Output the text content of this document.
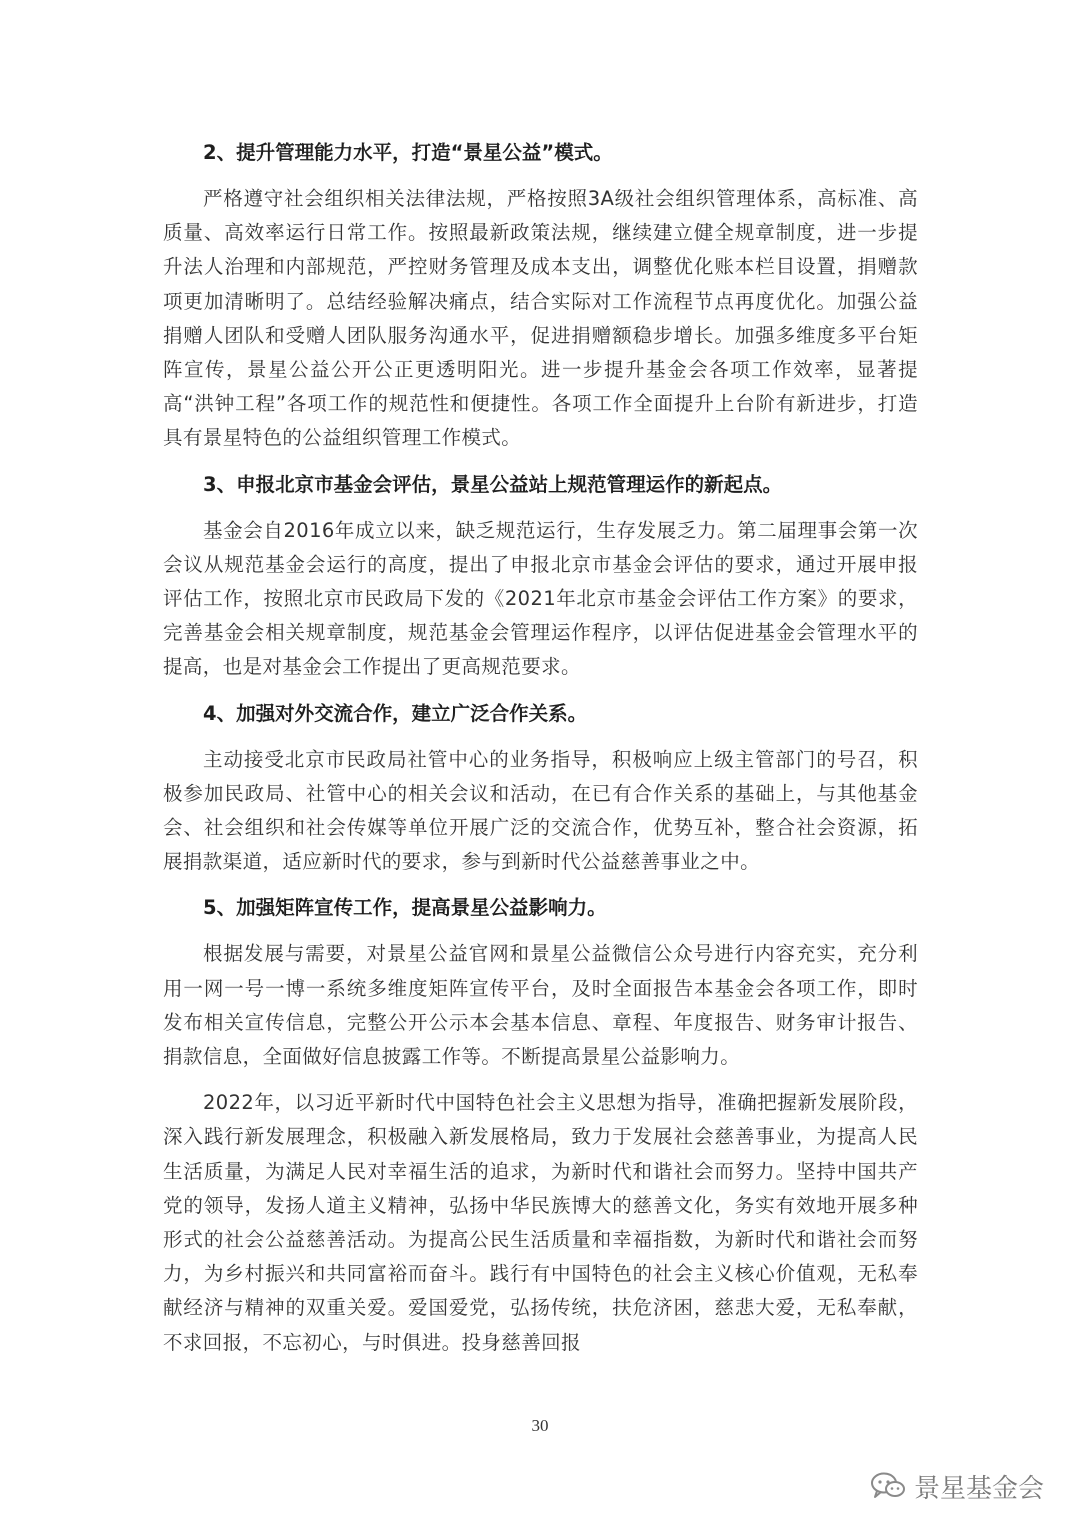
2、提升管理能力水平，打造“景星公益”模式。

严格遵守社会组织相关法律法规，严格按照3A级社会组织管理体系，高标准、高质量、高效率运行日常工作。按照最新政策法规，继续建立健全规章制度，进一步提升法人治理和内部规范，严控财务管理及成本支出，调整优化账本栏目设置，捐赠款项更加清晰明了。总结经验解决痛点，结合实际对工作流程节点再度优化。加强公益捐赠人团队和受赠人团队服务沟通水平，促进捐赠额稳步增长。加强多维度多平台矩阵宣传，景星公益公开公正更透明阳光。进一步提升基金会各项工作效率，显著提高“洪钟工程”各项工作的规范性和便捷性。各项工作全面提升上台阶有新进步，打造具有景星特色的公益组织管理工作模式。

3、申报北京市基金会评估，景星公益站上规范管理运作的新起点。

基金会自2016年成立以来，缺乏规范运行，生存发展乏力。第二届理事会第一次会议从规范基金会运行的高度，提出了申报北京市基金会评估的要求，通过开展申报评估工作，按照北京市民政局下发的《2021年北京市基金会评估工作方案》的要求，完善基金会相关规章制度，规范基金会管理运作程序，以评估促进基金会管理水平的提高，也是对基金会工作提出了更高规范要求。

4、加强对外交流合作，建立广泛合作关系。

主动接受北京市民政局社管中心的业务指导，积极响应上级主管部门的号召，积极参加民政局、社管中心的相关会议和活动，在已有合作关系的基础上，与其他基金会、社会组织和社会传媒等单位开展广泛的交流合作，优势互补，整合社会资源，拓展捐款渠道，适应新时代的要求，参与到新时代公益慈善事业之中。

5、加强矩阵宣传工作，提高景星公益影响力。

根据发展与需要，对景星公益官网和景星公益微信公众号进行内容充实，充分利用一网一号一博一系统多维度矩阵宣传平台，及时全面报告本基金会各项工作，即时发布相关宣传信息，完整公开公示本会基本信息、章程、年度报告、财务审计报告、捐款信息，全面做好信息披露工作等。不断提高景星公益影响力。

2022年，以习近平新时代中国特色社会主义思想为指导，准确把握新发展阶段，深入践行新发展理念，积极融入新发展格局，致力于发展社会慈善事业，为提高人民生活质量，为满足人民对幸福生活的追求，为新时代和谐社会而努力。坚持中国共产党的领导，发扬人道主义精神，弘扬中华民族博大的慈善文化，务实有效地开展多种形式的社会公益慈善活动。为提高公民生活质量和幸福指数，为新时代和谐社会而努力，为乡村振兴和共同富裕而奋斗。践行有中国特色的社会主义核心价值观，无私奉献经济与精神的双重关爱。爱国爱党，弘扬传统，扶危济困，慈悲大爱，无私奉献，不求回报，不忘初心，与时俱进。投身慈善回报

30
景星基金会
